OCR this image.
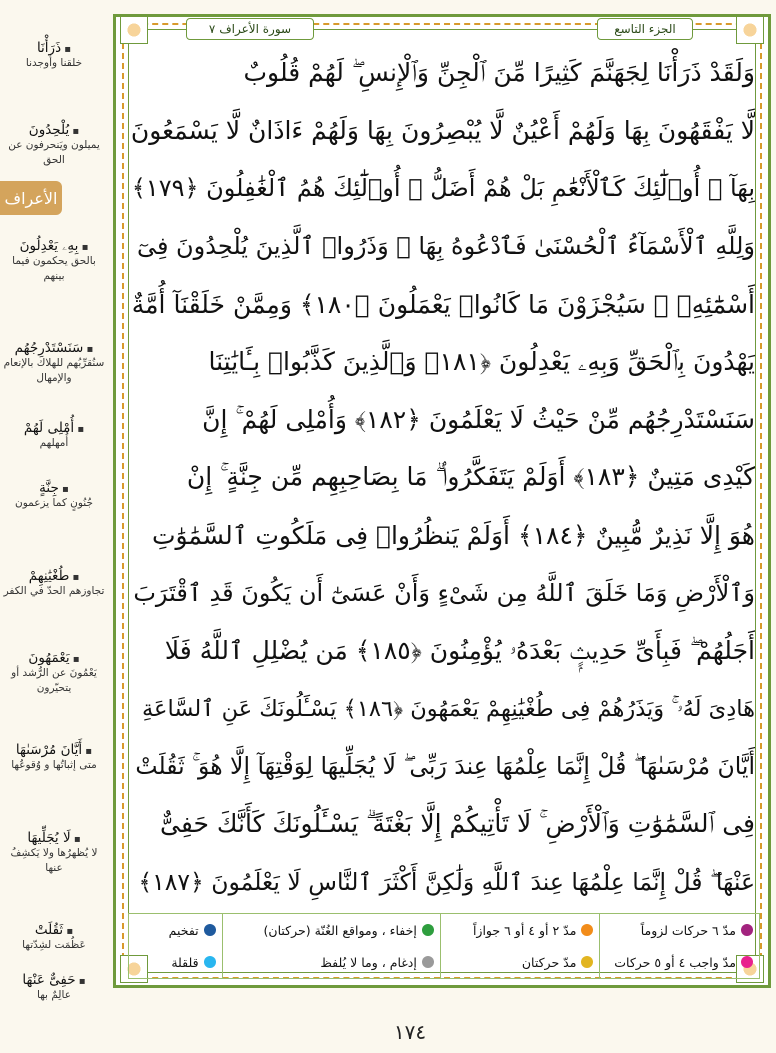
▪ ذَرَأْنَا
خلقنا وأوجدنا
▪ يُلْحِدُونَ
يميلون ويَنحرفون عن الحق
▪ بِهِۦ يَعْدِلُونَ
بالحق يحكمون فيما بينهم
▪ سَنَسْتَدْرِجُهُم
سنُقرِّبُهم للهلاك بالإنعام والإمهال
▪ أُمْلِى لَهُمْ
أُمهلهم
▪ جِنَّةٍ
جُنُونٍ كما يزعمون
▪ طُغْيَٰنِهِمْ
تجاوزهم الحدّ في الكفر
▪ يَعْمَهُونَ
يَعْمُونَ عن الرُّشد أو يتحيّرون
▪ أَيَّانَ مُرْسَىٰهَا
متى إثباتُها و وُقوعُها
▪ لَا يُجَلِّيهَا
لا يُظهرُها ولا يَكشِفُ عنها
▪ ثَقُلَتْ
عَظُمَت لشِدّتها
▪ حَفِىٌّ عَنْهَا
عالِمٌ بها
الأعراف
الجزء التاسع
سورة الأعراف ٧
وَلَقَدْ ذَرَأْنَا لِجَهَنَّمَ كَثِيرًا مِّنَ ٱلْجِنِّ وَٱلْإِنسِ ۖ لَهُمْ قُلُوبٌ
لَّا يَفْقَهُونَ بِهَا وَلَهُمْ أَعْيُنٌ لَّا يُبْصِرُونَ بِهَا وَلَهُمْ ءَاذَانٌ لَّا يَسْمَعُونَ
بِهَآ ۚ أُو۟لَٰٓئِكَ كَٱلْأَنْعَٰمِ بَلْ هُمْ أَضَلُّ ۚ أُو۟لَٰٓئِكَ هُمُ ٱلْغَٰفِلُونَ ﴿١٧٩﴾
وَلِلَّهِ ٱلْأَسْمَآءُ ٱلْحُسْنَىٰ فَٱدْعُوهُ بِهَا ۖ وَذَرُوا۟ ٱلَّذِينَ يُلْحِدُونَ فِىٓ
أَسْمَٰٓئِهِۦ ۚ سَيُجْزَوْنَ مَا كَانُوا۟ يَعْمَلُونَ ﴿١٨٠﴾ وَمِمَّنْ خَلَقْنَآ أُمَّةٌ
يَهْدُونَ بِٱلْحَقِّ وَبِهِۦ يَعْدِلُونَ ﴿١٨١﴾ وَٱلَّذِينَ كَذَّبُوا۟ بِـَٔايَٰتِنَا
سَنَسْتَدْرِجُهُم مِّنْ حَيْثُ لَا يَعْلَمُونَ ﴿١٨٢﴾ وَأُمْلِى لَهُمْ ۚ إِنَّ
كَيْدِى مَتِينٌ ﴿١٨٣﴾ أَوَلَمْ يَتَفَكَّرُوا۟ ۗ مَا بِصَاحِبِهِم مِّن جِنَّةٍ ۚ إِنْ
هُوَ إِلَّا نَذِيرٌ مُّبِينٌ ﴿١٨٤﴾ أَوَلَمْ يَنظُرُوا۟ فِى مَلَكُوتِ ٱلسَّمَٰوَٰتِ
وَٱلْأَرْضِ وَمَا خَلَقَ ٱللَّهُ مِن شَىْءٍ وَأَنْ عَسَىٰٓ أَن يَكُونَ قَدِ ٱقْتَرَبَ
أَجَلُهُمْ ۖ فَبِأَىِّ حَدِيثٍۭ بَعْدَهُۥ يُؤْمِنُونَ ﴿١٨٥﴾ مَن يُضْلِلِ ٱللَّهُ فَلَا
هَادِىَ لَهُۥ ۚ وَيَذَرُهُمْ فِى طُغْيَٰنِهِمْ يَعْمَهُونَ ﴿١٨٦﴾ يَسْـَٔلُونَكَ عَنِ ٱلسَّاعَةِ
أَيَّانَ مُرْسَىٰهَا ۖ قُلْ إِنَّمَا عِلْمُهَا عِندَ رَبِّى ۖ لَا يُجَلِّيهَا لِوَقْتِهَآ إِلَّا هُوَ ۚ ثَقُلَتْ
فِى ٱلسَّمَٰوَٰتِ وَٱلْأَرْضِ ۚ لَا تَأْتِيكُمْ إِلَّا بَغْتَةً ۗ يَسْـَٔلُونَكَ كَأَنَّكَ حَفِىٌّ
عَنْهَا ۖ قُلْ إِنَّمَا عِلْمُهَا عِندَ ٱللَّهِ وَلَٰكِنَّ أَكْثَرَ ٱلنَّاسِ لَا يَعْلَمُونَ ﴿١٨٧﴾
مدّ ٦ حركات لزوماً
مدّ واجب ٤ أو ٥ حركات
مدّ ٢ أو ٤ أو ٦ جوازاً
مدّ حركتان
إخفاء ، ومواقع الغُنّة (حركتان)
إدغام ، وما لا يُلفظ
تفخيم
قلقلة
١٧٤
